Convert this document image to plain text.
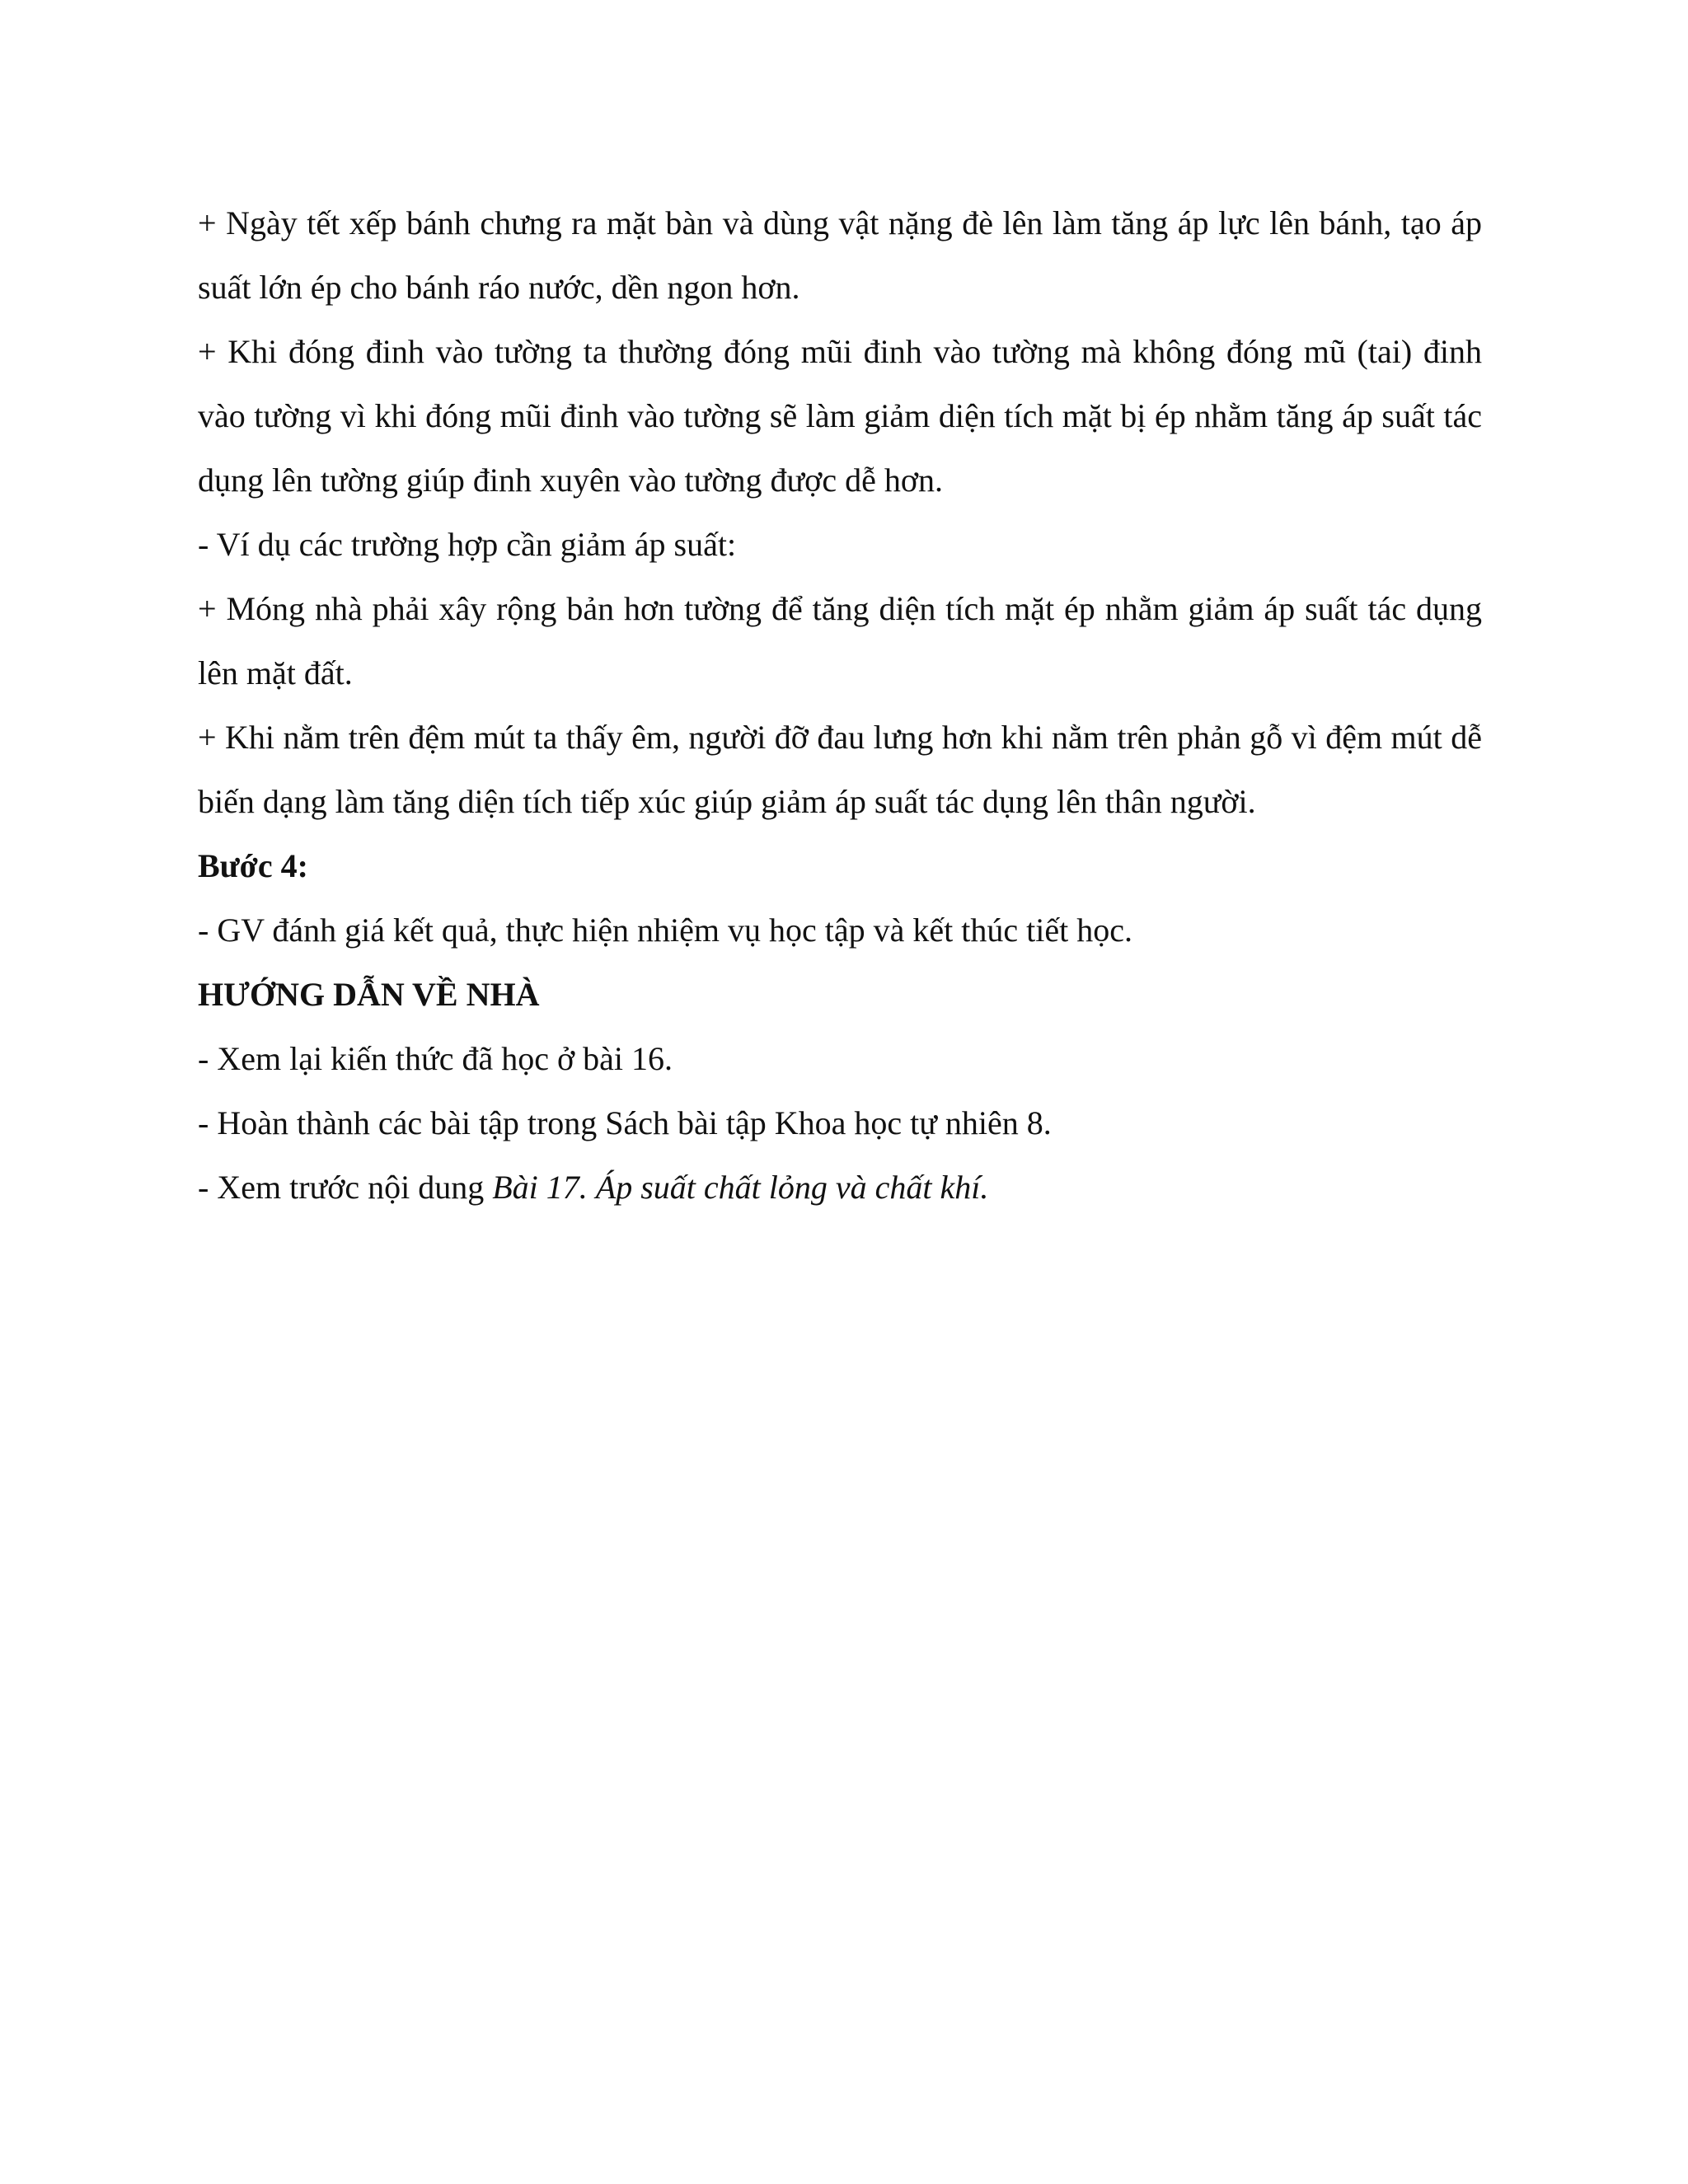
+ Ngày tết xếp bánh chưng ra mặt bàn và dùng vật nặng đè lên làm tăng áp lực lên bánh, tạo áp suất lớn ép cho bánh ráo nước, dền ngon hơn.

+ Khi đóng đinh vào tường ta thường đóng mũi đinh vào tường mà không đóng mũ (tai) đinh vào tường vì khi đóng mũi đinh vào tường sẽ làm giảm diện tích mặt bị ép nhằm tăng áp suất tác dụng lên tường giúp đinh xuyên vào tường được dễ hơn.

- Ví dụ các trường hợp cần giảm áp suất:

+ Móng nhà phải xây rộng bản hơn tường để tăng diện tích mặt ép nhằm giảm áp suất tác dụng lên mặt đất.

+ Khi nằm trên đệm mút ta thấy êm, người đỡ đau lưng hơn khi nằm trên phản gỗ vì đệm mút dễ biến dạng làm tăng diện tích tiếp xúc giúp giảm áp suất tác dụng lên thân người.

Bước 4:

- GV đánh giá kết quả, thực hiện nhiệm vụ học tập và kết thúc tiết học.

HƯỚNG DẪN VỀ NHÀ

- Xem lại kiến thức đã học ở bài 16.

- Hoàn thành các bài tập trong Sách bài tập Khoa học tự nhiên 8.

- Xem trước nội dung Bài 17. Áp suất chất lỏng và chất khí.
